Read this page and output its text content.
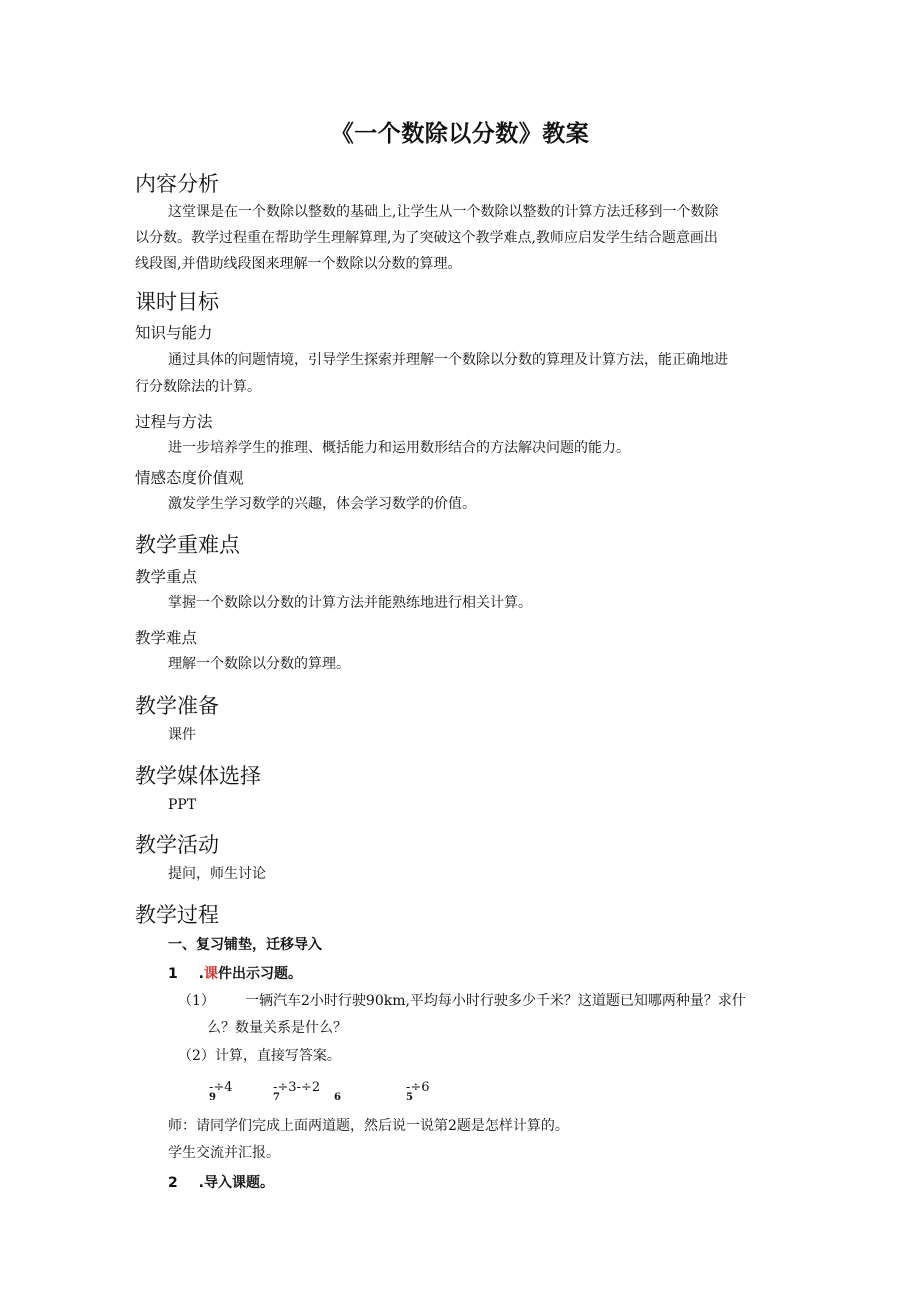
《一个数除以分数》教案
内容分析
这堂课是在一个数除以整数的基础上,让学生从一个数除以整数的计算方法迁移到一个数除
以分数。教学过程重在帮助学生理解算理,为了突破这个教学难点,教师应启发学生结合题意画出
线段图,并借助线段图来理解一个数除以分数的算理。
课时目标
知识与能力
通过具体的问题情境，引导学生探索并理解一个数除以分数的算理及计算方法，能正确地进
行分数除法的计算。
过程与方法
进一步培养学生的推理、概括能力和运用数形结合的方法解决问题的能力。
情感态度价值观
激发学生学习数学的兴趣，体会学习数学的价值。
教学重难点
教学重点
掌握一个数除以分数的计算方法并能熟练地进行相关计算。
教学难点
理解一个数除以分数的算理。
教学准备
课件
教学媒体选择
PPT
教学活动
提问，师生讨论
教学过程
一、复习铺垫，迁移导入
1 .课件出示习题。
（1） 一辆汽车2小时行驶90km,平均每小时行驶多少千米？这道题已知哪两种量？求什
么？数量关系是什么？
（2）计算，直接写答案。
-÷4
9
-÷3-÷2
7	6
-÷6
5
师：请同学们完成上面两道题，然后说一说第2题是怎样计算的。
学生交流并汇报。
2 .导入课题。
